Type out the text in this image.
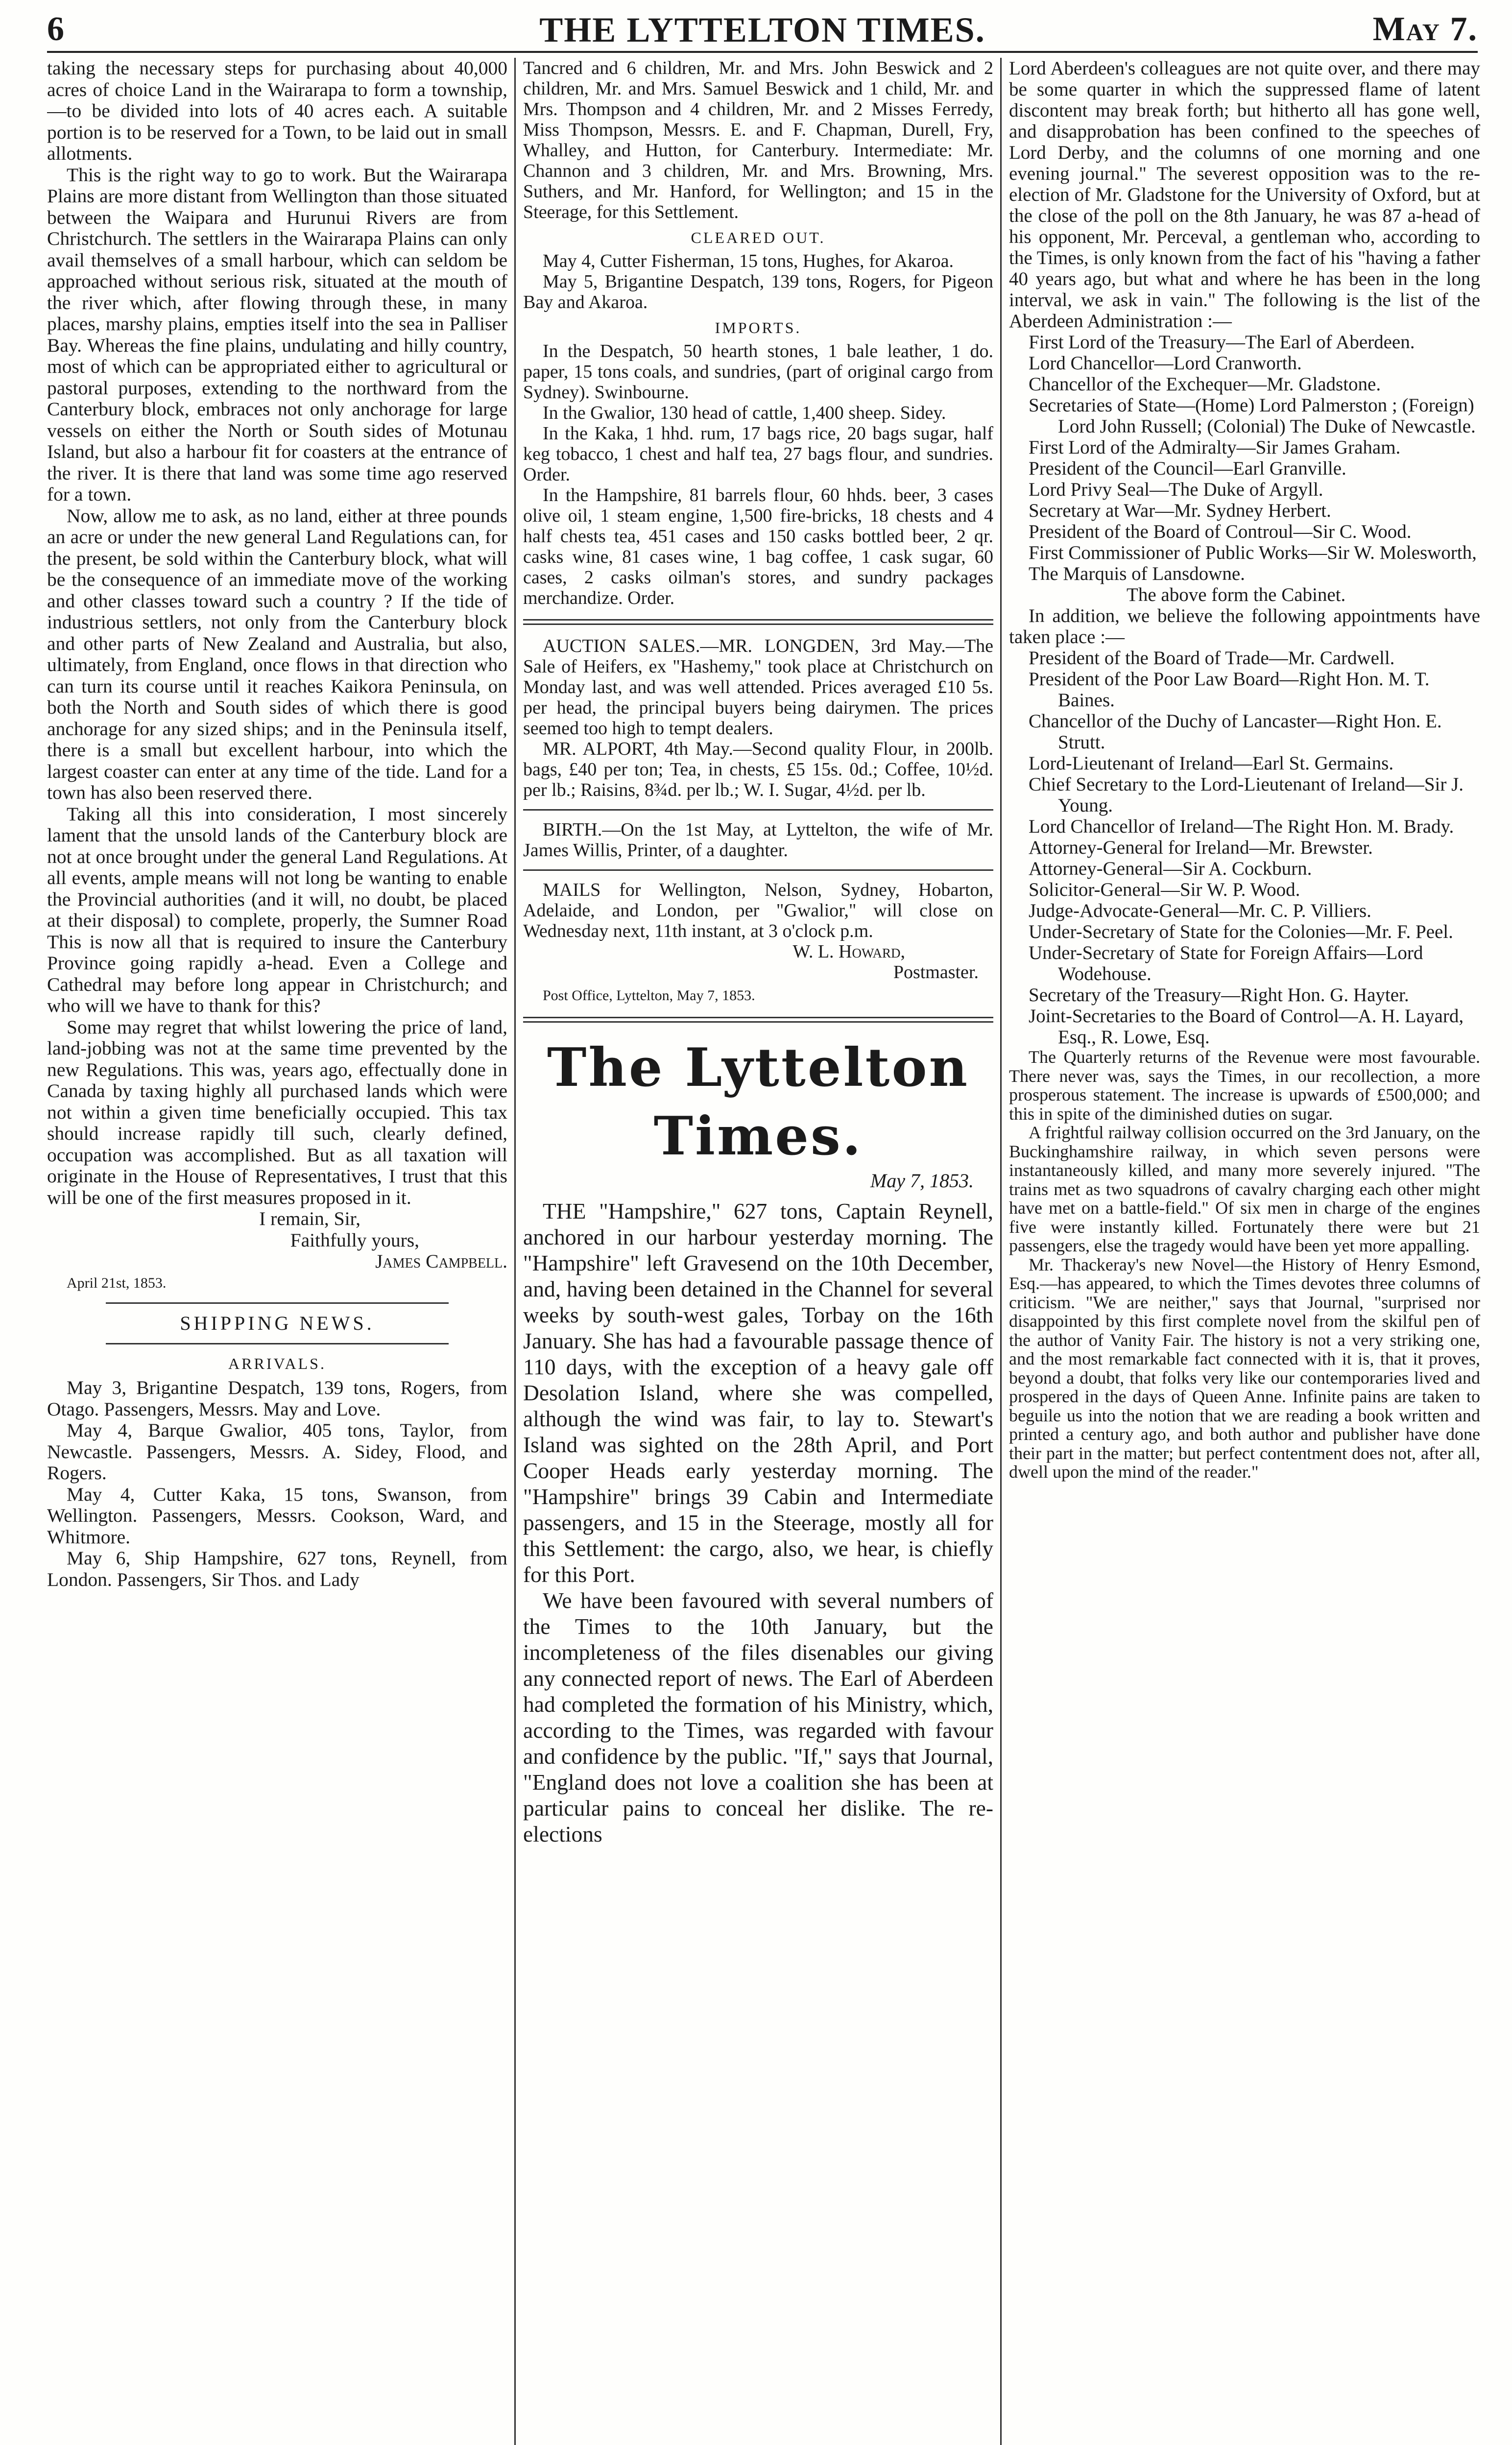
6	THE LYTTELTON TIMES.	May 7.

taking the necessary steps for purchasing about 40,000 acres of choice Land in the Wairarapa to form a township,—to be divided into lots of 40 acres each. A suitable portion is to be reserved for a Town, to be laid out in small allotments.

This is the right way to go to work. But the Wairarapa Plains are more distant from Wellington than those situated between the Waipara and Hurunui Rivers are from Christchurch. The settlers in the Wairarapa Plains can only avail themselves of a small harbour, which can seldom be approached without serious risk, situated at the mouth of the river which, after flowing through these, in many places, marshy plains, empties itself into the sea in Palliser Bay. Whereas the fine plains, undulating and hilly country, most of which can be appropriated either to agricultural or pastoral purposes, extending to the northward from the Canterbury block, embraces not only anchorage for large vessels on either the North or South sides of Motunau Island, but also a harbour fit for coasters at the entrance of the river. It is there that land was some time ago reserved for a town.

Now, allow me to ask, as no land, either at three pounds an acre or under the new general Land Regulations can, for the present, be sold within the Canterbury block, what will be the consequence of an immediate move of the working and other classes toward such a country ? If the tide of industrious settlers, not only from the Canterbury block and other parts of New Zealand and Australia, but also, ultimately, from England, once flows in that direction who can turn its course until it reaches Kaikora Peninsula, on both the North and South sides of which there is good anchorage for any sized ships; and in the Peninsula itself, there is a small but excellent harbour, into which the largest coaster can enter at any time of the tide. Land for a town has also been reserved there.

Taking all this into consideration, I most sincerely lament that the unsold lands of the Canterbury block are not at once brought under the general Land Regulations. At all events, ample means will not long be wanting to enable the Provincial authorities (and it will, no doubt, be placed at their disposal) to complete, properly, the Sumner Road This is now all that is required to insure the Canterbury Province going rapidly a-head. Even a College and Cathedral may before long appear in Christchurch; and who will we have to thank for this?

Some may regret that whilst lowering the price of land, land-jobbing was not at the same time prevented by the new Regulations. This was, years ago, effectually done in Canada by taxing highly all purchased lands which were not within a given time beneficially occupied. This tax should increase rapidly till such, clearly defined, occupation was accomplished. But as all taxation will originate in the House of Representatives, I trust that this will be one of the first measures proposed in it.

I remain, Sir,

Faithfully yours,

James Campbell.

April 21st, 1853.

SHIPPING NEWS.

ARRIVALS.

May 3, Brigantine Despatch, 139 tons, Rogers, from Otago. Passengers, Messrs. May and Love.

May 4, Barque Gwalior, 405 tons, Taylor, from Newcastle. Passengers, Messrs. A. Sidey, Flood, and Rogers.

May 4, Cutter Kaka, 15 tons, Swanson, from Wellington. Passengers, Messrs. Cookson, Ward, and Whitmore.

May 6, Ship Hampshire, 627 tons, Reynell, from London. Passengers, Sir Thos. and Lady

Tancred and 6 children, Mr. and Mrs. John Beswick and 2 children, Mr. and Mrs. Samuel Beswick and 1 child, Mr. and Mrs. Thompson and 4 children, Mr. and 2 Misses Ferredy, Miss Thompson, Messrs. E. and F. Chapman, Durell, Fry, Whalley, and Hutton, for Canterbury. Intermediate: Mr. Channon and 3 children, Mr. and Mrs. Browning, Mrs. Suthers, and Mr. Hanford, for Wellington; and 15 in the Steerage, for this Settlement.

CLEARED OUT.

May 4, Cutter Fisherman, 15 tons, Hughes, for Akaroa.

May 5, Brigantine Despatch, 139 tons, Rogers, for Pigeon Bay and Akaroa.

IMPORTS.

In the Despatch, 50 hearth stones, 1 bale leather, 1 do. paper, 15 tons coals, and sundries, (part of original cargo from Sydney). Swinbourne.

In the Gwalior, 130 head of cattle, 1,400 sheep. Sidey.

In the Kaka, 1 hhd. rum, 17 bags rice, 20 bags sugar, half keg tobacco, 1 chest and half tea, 27 bags flour, and sundries. Order.

In the Hampshire, 81 barrels flour, 60 hhds. beer, 3 cases olive oil, 1 steam engine, 1,500 fire-bricks, 18 chests and 4 half chests tea, 451 cases and 150 casks bottled beer, 2 qr. casks wine, 81 cases wine, 1 bag coffee, 1 cask sugar, 60 cases, 2 casks oilman's stores, and sundry packages merchandize. Order.

AUCTION SALES.—MR. LONGDEN, 3rd May.—The Sale of Heifers, ex "Hashemy," took place at Christchurch on Monday last, and was well attended. Prices averaged £10 5s. per head, the principal buyers being dairymen. The prices seemed too high to tempt dealers.

MR. ALPORT, 4th May.—Second quality Flour, in 200lb. bags, £40 per ton; Tea, in chests, £5 15s. 0d.; Coffee, 10½d. per lb.; Raisins, 8¾d. per lb.; W. I. Sugar, 4½d. per lb.

BIRTH.—On the 1st May, at Lyttelton, the wife of Mr. James Willis, Printer, of a daughter.

MAILS for Wellington, Nelson, Sydney, Hobarton, Adelaide, and London, per "Gwalior," will close on Wednesday next, 11th instant, at 3 o'clock p.m.

W. L. Howard,

Postmaster.

Post Office, Lyttelton, May 7, 1853.

The Lyttelton Times.
May 7, 1853.

THE "Hampshire," 627 tons, Captain Reynell, anchored in our harbour yesterday morning. The "Hampshire" left Gravesend on the 10th December, and, having been detained in the Channel for several weeks by south-west gales, Torbay on the 16th January. She has had a favourable passage thence of 110 days, with the exception of a heavy gale off Desolation Island, where she was compelled, although the wind was fair, to lay to. Stewart's Island was sighted on the 28th April, and Port Cooper Heads early yesterday morning. The "Hampshire" brings 39 Cabin and Intermediate passengers, and 15 in the Steerage, mostly all for this Settlement: the cargo, also, we hear, is chiefly for this Port.

We have been favoured with several numbers of the Times to the 10th January, but the incompleteness of the files disenables our giving any connected report of news. The Earl of Aberdeen had completed the formation of his Ministry, which, according to the Times, was regarded with favour and confidence by the public. "If," says that Journal, "England does not love a coalition she has been at particular pains to conceal her dislike. The re-elections

Lord Aberdeen's colleagues are not quite over, and there may be some quarter in which the suppressed flame of latent discontent may break forth; but hitherto all has gone well, and disapprobation has been confined to the speeches of Lord Derby, and the columns of one morning and one evening journal." The severest opposition was to the re-election of Mr. Gladstone for the University of Oxford, but at the close of the poll on the 8th January, he was 87 a-head of his opponent, Mr. Perceval, a gentleman who, according to the Times, is only known from the fact of his "having a father 40 years ago, but what and where he has been in the long interval, we ask in vain." The following is the list of the Aberdeen Administration :—

First Lord of the Treasury—The Earl of Aberdeen.

Lord Chancellor—Lord Cranworth.

Chancellor of the Exchequer—Mr. Gladstone.

Secretaries of State—(Home) Lord Palmerston ; (Foreign) Lord John Russell; (Colonial) The Duke of Newcastle.

First Lord of the Admiralty—Sir James Graham.

President of the Council—Earl Granville.

Lord Privy Seal—The Duke of Argyll.

Secretary at War—Mr. Sydney Herbert.

President of the Board of Controul—Sir C. Wood.

First Commissioner of Public Works—Sir W. Molesworth,

The Marquis of Lansdowne.

The above form the Cabinet.

In addition, we believe the following appointments have taken place :—

President of the Board of Trade—Mr. Cardwell.

President of the Poor Law Board—Right Hon. M. T. Baines.

Chancellor of the Duchy of Lancaster—Right Hon. E. Strutt.

Lord-Lieutenant of Ireland—Earl St. Germains.

Chief Secretary to the Lord-Lieutenant of Ireland—Sir J. Young.

Lord Chancellor of Ireland—The Right Hon. M. Brady.

Attorney-General for Ireland—Mr. Brewster.

Attorney-General—Sir A. Cockburn.

Solicitor-General—Sir W. P. Wood.

Judge-Advocate-General—Mr. C. P. Villiers.

Under-Secretary of State for the Colonies—Mr. F. Peel.

Under-Secretary of State for Foreign Affairs—Lord Wodehouse.

Secretary of the Treasury—Right Hon. G. Hayter.

Joint-Secretaries to the Board of Control—A. H. Layard, Esq., R. Lowe, Esq.

The Quarterly returns of the Revenue were most favourable. There never was, says the Times, in our recollection, a more prosperous statement. The increase is upwards of £500,000; and this in spite of the diminished duties on sugar.

A frightful railway collision occurred on the 3rd January, on the Buckinghamshire railway, in which seven persons were instantaneously killed, and many more severely injured. "The trains met as two squadrons of cavalry charging each other might have met on a battle-field." Of six men in charge of the engines five were instantly killed. Fortunately there were but 21 passengers, else the tragedy would have been yet more appalling.

Mr. Thackeray's new Novel—the History of Henry Esmond, Esq.—has appeared, to which the Times devotes three columns of criticism. "We are neither," says that Journal, "surprised nor disappointed by this first complete novel from the skilful pen of the author of Vanity Fair. The history is not a very striking one, and the most remarkable fact connected with it is, that it proves, beyond a doubt, that folks very like our contemporaries lived and prospered in the days of Queen Anne. Infinite pains are taken to beguile us into the notion that we are reading a book written and printed a century ago, and both author and publisher have done their part in the matter; but perfect contentment does not, after all, dwell upon the mind of the reader."
